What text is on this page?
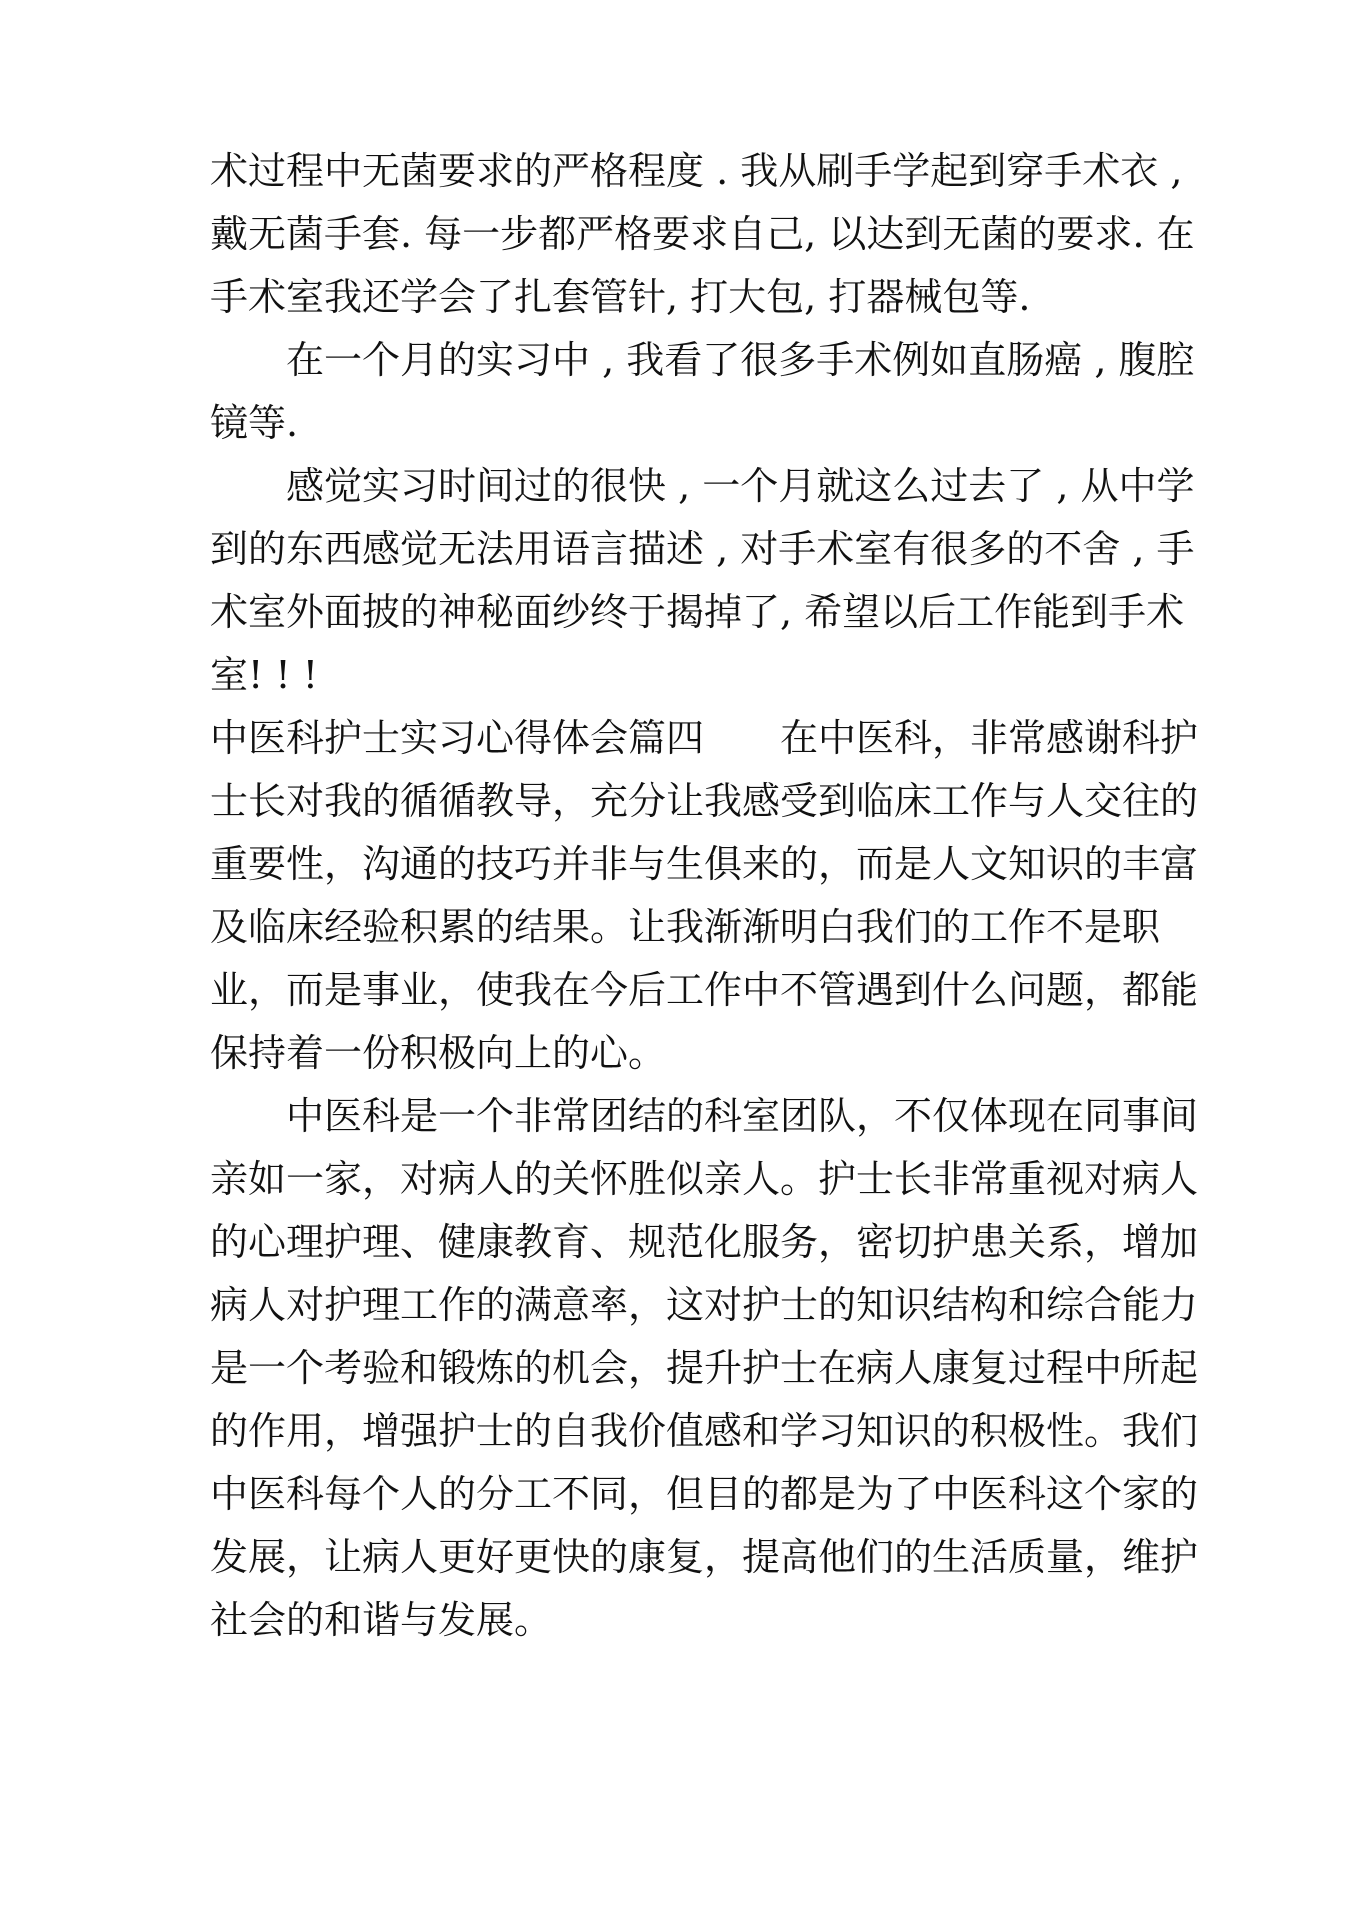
术过程中无菌要求的严格程度 . 我从刷手学起到穿手术衣 ,
戴无菌手套. 每一步都严格要求自己, 以达到无菌的要求. 在
手术室我还学会了扎套管针, 打大包, 打器械包等.
在一个月的实习中 , 我看了很多手术例如直肠癌 , 腹腔
镜等.
感觉实习时间过的很快 , 一个月就这么过去了 , 从中学
到的东西感觉无法用语言描述 , 对手术室有很多的不舍 , 手
术室外面披的神秘面纱终于揭掉了, 希望以后工作能到手术
室! ! !
中医科护士实习心得体会篇四　　在中医科，非常感谢科护
士长对我的循循教导，充分让我感受到临床工作与人交往的
重要性，沟通的技巧并非与生俱来的，而是人文知识的丰富
及临床经验积累的结果。让我渐渐明白我们的工作不是职
业，而是事业，使我在今后工作中不管遇到什么问题，都能
保持着一份积极向上的心。
中医科是一个非常团结的科室团队，不仅体现在同事间
亲如一家，对病人的关怀胜似亲人。护士长非常重视对病人
的心理护理、健康教育、规范化服务，密切护患关系，增加
病人对护理工作的满意率，这对护士的知识结构和综合能力
是一个考验和锻炼的机会，提升护士在病人康复过程中所起
的作用，增强护士的自我价值感和学习知识的积极性。我们
中医科每个人的分工不同，但目的都是为了中医科这个家的
发展，让病人更好更快的康复，提高他们的生活质量，维护
社会的和谐与发展。
